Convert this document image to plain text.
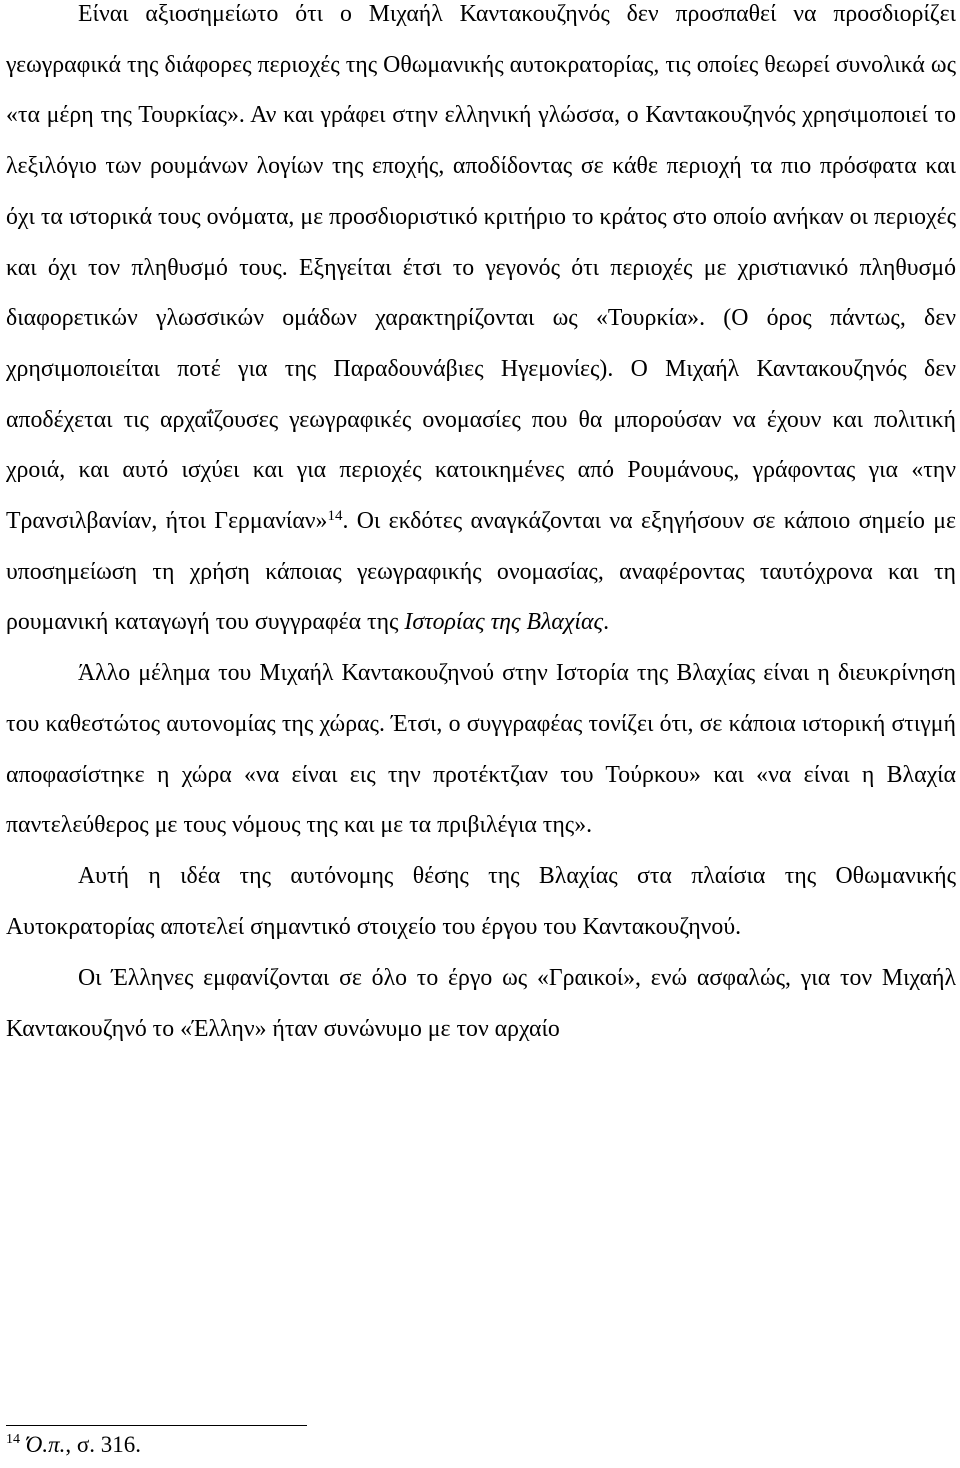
Είναι αξιοσημείωτο ότι ο Μιχαήλ Καντακουζηνός δεν προσπαθεί να προσδιορίζει γεωγραφικά της διάφορες περιοχές της Οθωμανικής αυτοκρατορίας, τις οποίες θεωρεί συνολικά ως «τα μέρη της Τουρκίας». Αν και γράφει στην ελληνική γλώσσα, ο Καντακουζηνός χρησιμοποιεί το λεξιλόγιο των ρουμάνων λογίων της εποχής, αποδίδοντας σε κάθε περιοχή τα πιο πρόσφατα και όχι τα ιστορικά τους ονόματα, με προσδιοριστικό κριτήριο το κράτος στο οποίο ανήκαν οι περιοχές και όχι τον πληθυσμό τους. Εξηγείται έτσι το γεγονός ότι περιοχές με χριστιανικό πληθυσμό διαφορετικών γλωσσικών ομάδων χαρακτηρίζονται ως «Τουρκία». (Ο όρος πάντως, δεν χρησιμοποιείται ποτέ για της Παραδουνάβιες Ηγεμονίες). Ο Μιχαήλ Καντακουζηνός δεν αποδέχεται τις αρχαΐζουσες γεωγραφικές ονομασίες που θα μπορούσαν να έχουν και πολιτική χροιά, και αυτό ισχύει και για περιοχές κατοικημένες από Ρουμάνους, γράφοντας για «την Τρανσιλβανίαν, ήτοι Γερμανίαν»$^{14}$. Οι εκδότες αναγκάζονται να εξηγήσουν σε κάποιο σημείο με υποσημείωση τη χρήση κάποιας γεωγραφικής ονομασίας, αναφέροντας ταυτόχρονα και τη ρουμανική καταγωγή του συγγραφέα της Ιστορίας της Βλαχίας.

Άλλο μέλημα του Μιχαήλ Καντακουζηνού στην Ιστορία της Βλαχίας είναι η διευκρίνηση του καθεστώτος αυτονομίας της χώρας. Έτσι, ο συγγραφέας τονίζει ότι, σε κάποια ιστορική στιγμή αποφασίστηκε η χώρα «να είναι εις την προτέκτζιαν του Τούρκου» και «να είναι η Βλαχία παντελεύθερος με τους νόμους της και με τα πριβιλέγια της».

Αυτή η ιδέα της αυτόνομης θέσης της Βλαχίας στα πλαίσια της Οθωμανικής Αυτοκρατορίας αποτελεί σημαντικό στοιχείο του έργου του Καντακουζηνού.

Οι Έλληνες εμφανίζονται σε όλο το έργο ως «Γραικοί», ενώ ασφαλώς, για τον Μιχαήλ Καντακουζηνό το «Έλλην» ήταν συνώνυμο με τον αρχαίο

$^{14}$ Ό.π., σ. 316.
